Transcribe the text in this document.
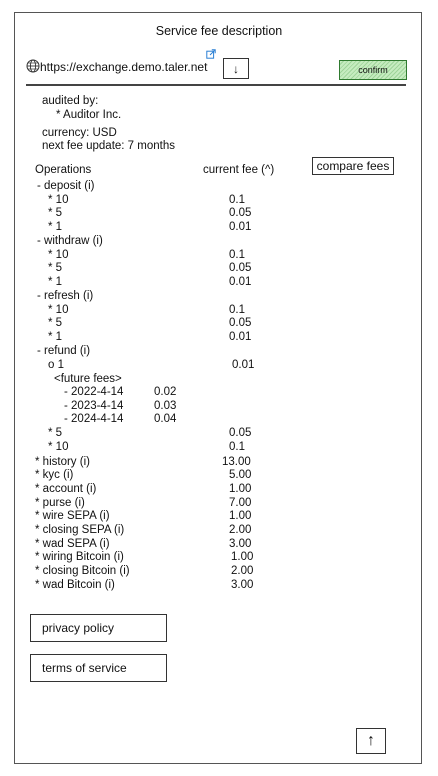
Service fee description
https://exchange.demo.taler.net ↓	confirm
audited by:
* Auditor Inc.
currency: USD
next fee update: 7 months
Operations	current fee (^)	compare fees
- deposit (i)
* 10	0.1
* 5	0.05
* 1	0.01
- withdraw (i)
* 10	0.1
* 5	0.05
* 1	0.01
- refresh (i)
* 10	0.1
* 5	0.05
* 1	0.01
- refund (i)
o 1	0.01
<future fees>
- 2022-4-14	0.02
- 2023-4-14	0.03
- 2024-4-14	0.04
* 5	0.05
* 10	0.1
* history (i)	13.00
* kyc (i)	5.00
* account (i)	1.00
* purse (i)	7.00
* wire SEPA (i)	1.00
* closing SEPA (i)	2.00
* wad SEPA (i)	3.00
* wiring Bitcoin (i)	1.00
* closing Bitcoin (i)	2.00
* wad Bitcoin (i)	3.00
privacy policy
terms of service
↑
